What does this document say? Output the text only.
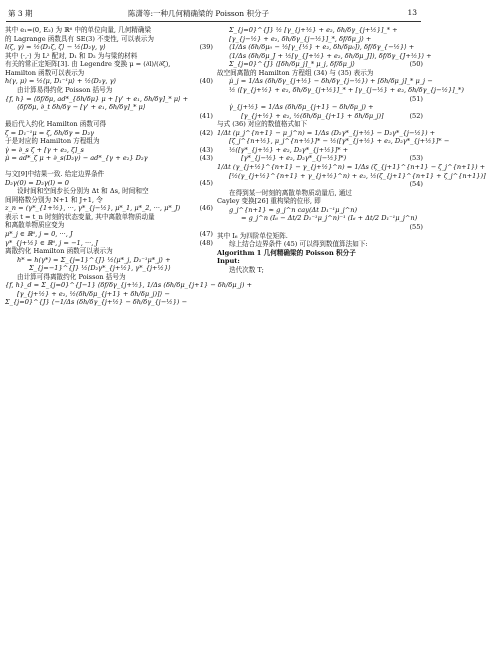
第 3 期	陈潇等:一种几何精确梁的 Poisson 积分子	13
其中 e₁=(0, E₂) 为 ℝ⁶ 中的单位向量, 几何精确梁
的 Lagrange 函数具有 SE(3) 不变性, 可以表示为
l(ζ, γ) = ½⟨D₁ζ, ζ⟩ − ½⟨D₂γ, γ⟩	(39)
其中 ⟨·,·⟩ 为 L² 配对, D₁ 和 D₂ 为与梁的材料
有关的常正定矩阵[3]. 由 Legendre 变换 μ = (∂l)/(∂ζ),
Hamilton 函数可以表示为
h(γ, μ) = ½⟨μ, D₁⁻¹μ⟩ + ½⟨D₂γ, γ⟩	(40)
由计算易得约化 Poisson 括号为
{f, h} = ⟨δf/δμ, ad*_{δh/δμ} μ + [γ' + e₁, δh/δγ]_* μ⟩ +
⟨δf/δμ, ∂_t δh/δγ − [γ' + e₁, δh/δγ]_* μ⟩

(41)
最后代入约化 Hamilton 函数可得
ζ = D₁⁻¹μ = ζ, δh/δγ = D₂γ	(42)
于是对应的 Hamilton 方程组为
γ̇ = ∂_s ζ + [γ + e₂, ζ]_s	(43)
μ̇ = ad*_ζ μ + ∂_s(D₂γ) − ad*_{γ + e₂} D₂γ	(43)
与文[9]中结果一致. 给定边界条件
D₂γ(0) = D₂γ(l) = 0	(45)
设时间和空间步长分别为 Δt 和 Δs, 时间和空
间网格数分别为 N+1 和 J+1, 令
z_n = (γ*_{1+½}, ···, γ*_{j−½}, μ*_1, μ*_2, ···, μ*_J)	(46)
表示 t = t_n 时刻的状态变量, 其中离散单物质动量
和离散单物质应变为
μ*_j ∈ ℝ⁶, j = 0, ···, J	(47)
γ*_{j+½} ∈ ℝ⁶, j = −1, ···, J	(48)
离散约化 Hamilton 函数可以表示为
h* = h(γ*) = Σ_{j=1}^{J} ½⟨μ*_j, D₁⁻¹μ*_j⟩ +
Σ_{j=−1}^{J} ½⟨D₂γ*_{j+½}, γ*_{j+½}⟩
由计算可得离散约化 Poisson 括号为
{f, h}_d = Σ_{j=0}^{J−1} ⟨δf/δγ_{j+½}, 1/Δs (δh/δμ_{j+1} − δh/δμ_j) +
[γ_{j+½} + e₂, ½(δh/δμ_{j+1} + δh/δμ_j)]⟩ −
Σ_{j=0}^{J} ⟨−1/Δs (δh/δγ_{j+½} − δh/δγ_{j−½}) −
Σ_{j=0}^{J} ½ [γ_{j+½} + e₂, δh/δγ_{j+½}]_* +
[γ_{j−½} + e₂, δh/δγ_{j−½}]_*, δf/δμ_j⟩ +
⟨1/Δs (δh/δμ₀ − ½[γ_{½} + e₂, δh/δμ₀]), δf/δγ_{−½}⟩ +
⟨1/Δs (δh/δμ_J + ½[γ_{J+½} + e₂, δh/δμ_J]), δf/δγ_{J+½}⟩ +
Σ_{j=0}^{J} ⟨[δh/δμ_j]_* μ_j, δf/δμ_j⟩	(50)
故空间离散的 Hamilton 方程组 (34) 与 (35) 表示为
μ̇_j = 1/Δs (δh/δγ_{j+½} − δh/δγ_{j−½}) + [δh/δμ_j]_* μ_j −
½ ([γ_{j+½} + e₂, δh/δγ_{j+½}]_* + [γ_{j−½} + e₂, δh/δγ_{j−½}]_*)

(51)
γ̇_{j+½} = 1/Δs (δh/δμ_{j+1} − δh/δμ_j) +
[γ_{j+½} + e₂, ½(δh/δμ_{j+1} + δh/δμ_j)]	(52)
与式 (36) 对应的数值格式如下
1/Δt (μ_j^{n+1} − μ_j^n) = 1/Δs (D₂γ*_{j+½} − D₂γ*_{j−½}) +
[ζ_j^{n+½}, μ_j^{n+½}]* − ½([γ*_{j+½} + e₂, D₂γ*_{j+½}]* −
½([γ*_{j+½} + e₂, D₂γ*_{j+½}]* +
[γ*_{j−½} + e₂, D₂γ*_{j−½}]*)	(53)
1/Δt (γ_{j+½}^{n+1} − γ_{j+½}^n) = 1/Δs (ζ_{j+1}^{n+1} − ζ_j^{n+1}) +
[½(γ_{j+½}^{n+1} + γ_{j+½}^n) + e₂, ½(ζ_{j+1}^{n+1} + ζ_j^{n+1})]

(54)
在得到某一时刻的离散单物质动量后, 通过
Cayley 变换[26] 重构梁的位形, 即
g_j^{n+1} ≈ g_j^n cay(Δt D₁⁻¹μ_j^n)
= g_j^n (I₆ − Δt/2 D₁⁻¹μ_j^n)⁻¹ (I₆ + Δt/2 D₁⁻¹μ_j^n)

(55)
其中 I₆ 为四阶单位矩阵.
综上结合边界条件 (45) 可以得到数值算法如下:
Algorithm 1 几何精确梁的 Poisson 积分子
Input:
迭代次数 T;
